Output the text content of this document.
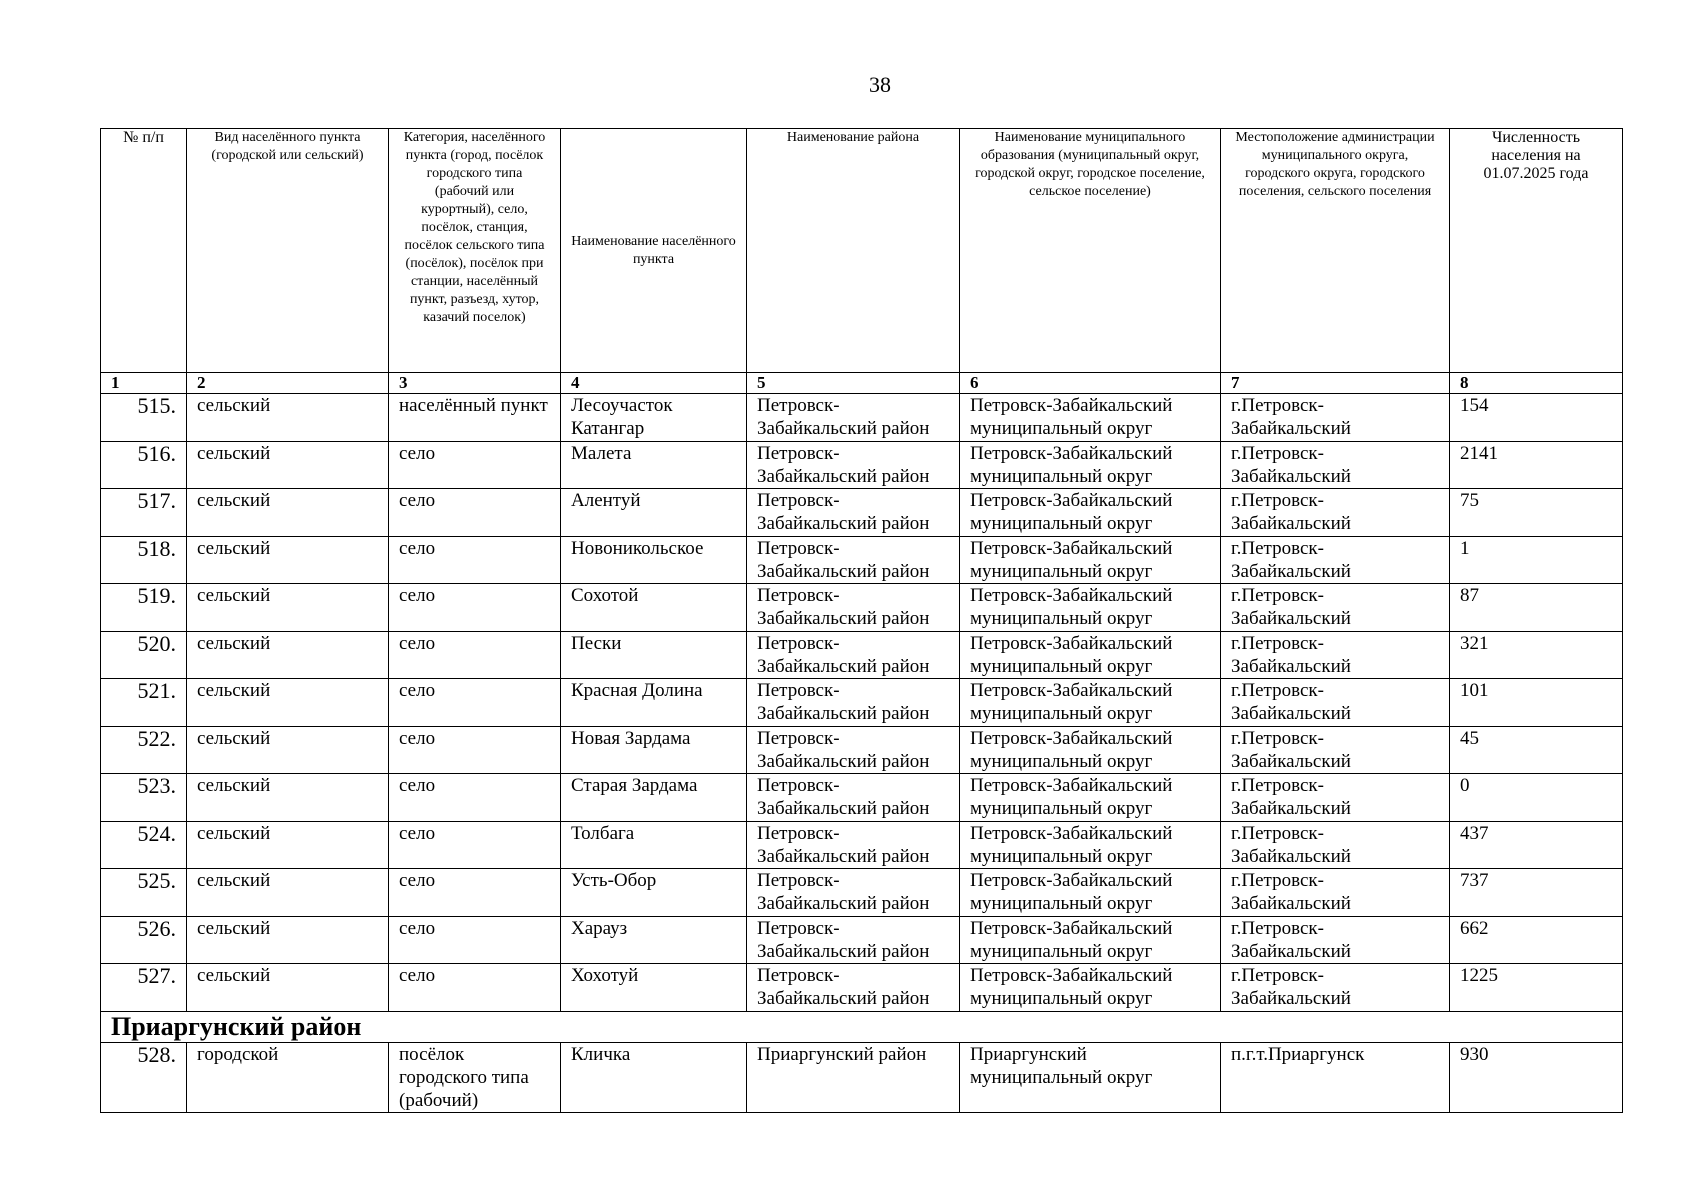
38
№ п/п	Вид населённого пункта (городской или сельский)	Категория, населённого пункта (город, посёлок городского типа (рабочий или курортный), село, посёлок, станция, посёлок сельского типа (посёлок), посёлок при станции, населённый пункт, разъезд, хутор, казачий поселок)	Наименование населённого пункта	Наименование района	Наименование муниципального образования (муниципальный округ, городской округ, городское поселение, сельское поселение)	Местоположение администрации муниципального округа, городского округа, городского поселения, сельского поселения	Численность населения на 01.07.2025 года
1	2	3	4	5	6	7	8
515.	сельский	населённый пункт	Лесоучасток Катангар	Петровск-Забайкальский район	Петровск-Забайкальский муниципальный округ	г.Петровск-Забайкальский	154
516.	сельский	село	Малета	Петровск-Забайкальский район	Петровск-Забайкальский муниципальный округ	г.Петровск-Забайкальский	2141
517.	сельский	село	Алентуй	Петровск-Забайкальский район	Петровск-Забайкальский муниципальный округ	г.Петровск-Забайкальский	75
518.	сельский	село	Новоникольское	Петровск-Забайкальский район	Петровск-Забайкальский муниципальный округ	г.Петровск-Забайкальский	1
519.	сельский	село	Сохотой	Петровск-Забайкальский район	Петровск-Забайкальский муниципальный округ	г.Петровск-Забайкальский	87
520.	сельский	село	Пески	Петровск-Забайкальский район	Петровск-Забайкальский муниципальный округ	г.Петровск-Забайкальский	321
521.	сельский	село	Красная Долина	Петровск-Забайкальский район	Петровск-Забайкальский муниципальный округ	г.Петровск-Забайкальский	101
522.	сельский	село	Новая Зардама	Петровск-Забайкальский район	Петровск-Забайкальский муниципальный округ	г.Петровск-Забайкальский	45
523.	сельский	село	Старая Зардама	Петровск-Забайкальский район	Петровск-Забайкальский муниципальный округ	г.Петровск-Забайкальский	0
524.	сельский	село	Толбага	Петровск-Забайкальский район	Петровск-Забайкальский муниципальный округ	г.Петровск-Забайкальский	437
525.	сельский	село	Усть-Обор	Петровск-Забайкальский район	Петровск-Забайкальский муниципальный округ	г.Петровск-Забайкальский	737
526.	сельский	село	Харауз	Петровск-Забайкальский район	Петровск-Забайкальский муниципальный округ	г.Петровск-Забайкальский	662
527.	сельский	село	Хохотуй	Петровск-Забайкальский район	Петровск-Забайкальский муниципальный округ	г.Петровск-Забайкальский	1225
Приаргунский район							
528.	городской	посёлок городского типа (рабочий)	Кличка	Приаргунский район	Приаргунский муниципальный округ	п.г.т.Приаргунск	930
